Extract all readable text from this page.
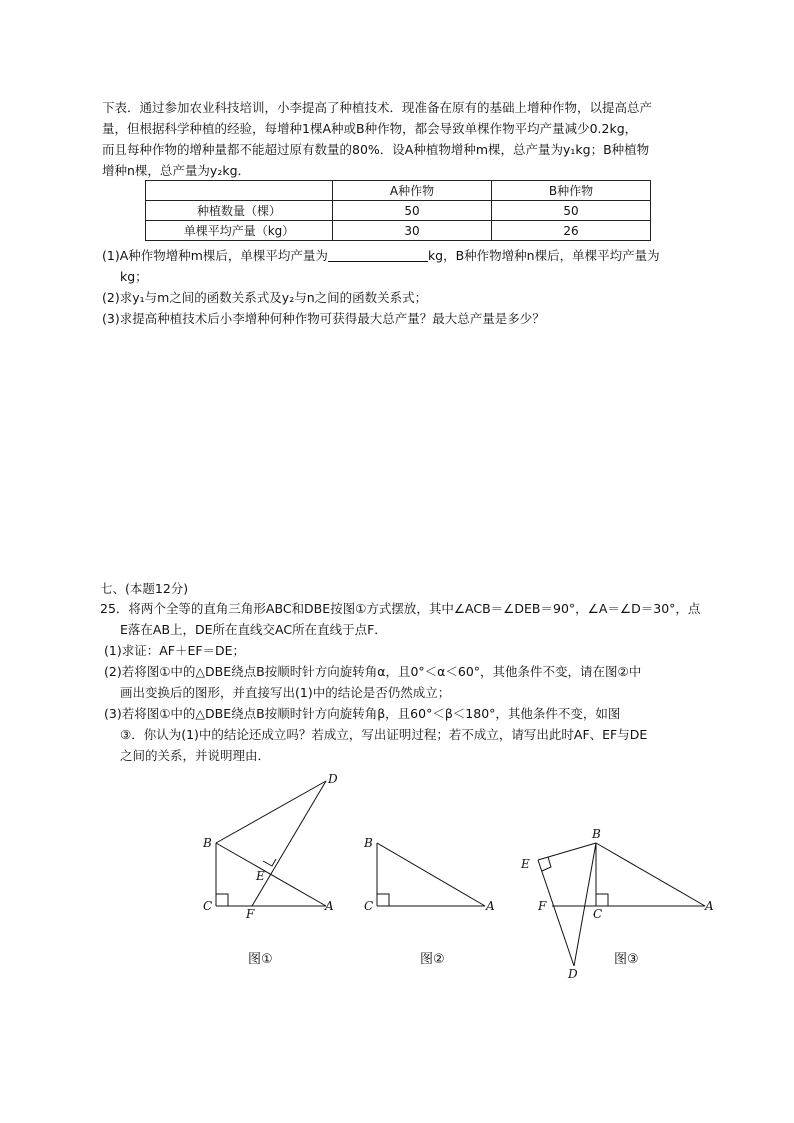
下表．通过参加农业科技培训，小李提高了种植技术．现准备在原有的基础上增种作物，以提高总产
量，但根据科学种植的经验，每增种1棵A种或B种作物，都会导致单棵作物平均产量减少0.2kg，
而且每种作物的增种量都不能超过原有数量的80%．设A种植物增种m棵，总产量为y₁kg；B种植物
增种n棵，总产量为y₂kg．
	A种作物	B种作物
种植数量（棵）	50	50
单棵平均产量（kg）	30	26
(1)A种作物增种m棵后，单棵平均产量为	kg，B种作物增种n棵后，单棵平均产量为
kg；
(2)求y₁与m之间的函数关系式及y₂与n之间的函数关系式；
(3)求提高种植技术后小李增种何种作物可获得最大总产量？最大总产量是多少？
七、(本题12分)
25．将两个全等的直角三角形ABC和DBE按图①方式摆放，其中∠ACB＝∠DEB＝90°，∠A＝∠D＝30°，点
E落在AB上，DE所在直线交AC所在直线于点F．
(1)求证：AF＋EF＝DE；
(2)若将图①中的△DBE绕点B按顺时针方向旋转角α，且0°＜α＜60°，其他条件不变，请在图②中
画出变换后的图形，并直接写出(1)中的结论是否仍然成立；
(3)若将图①中的△DBE绕点B按顺时针方向旋转角β，且60°＜β＜180°，其他条件不变，如图
③．你认为(1)中的结论还成立吗？若成立，写出证明过程；若不成立，请写出此时AF、EF与DE
之间的关系，并说明理由．
B
C
F
E
A
D
B
C	A
E
B
F
C
A
D
图①	图②	图③
